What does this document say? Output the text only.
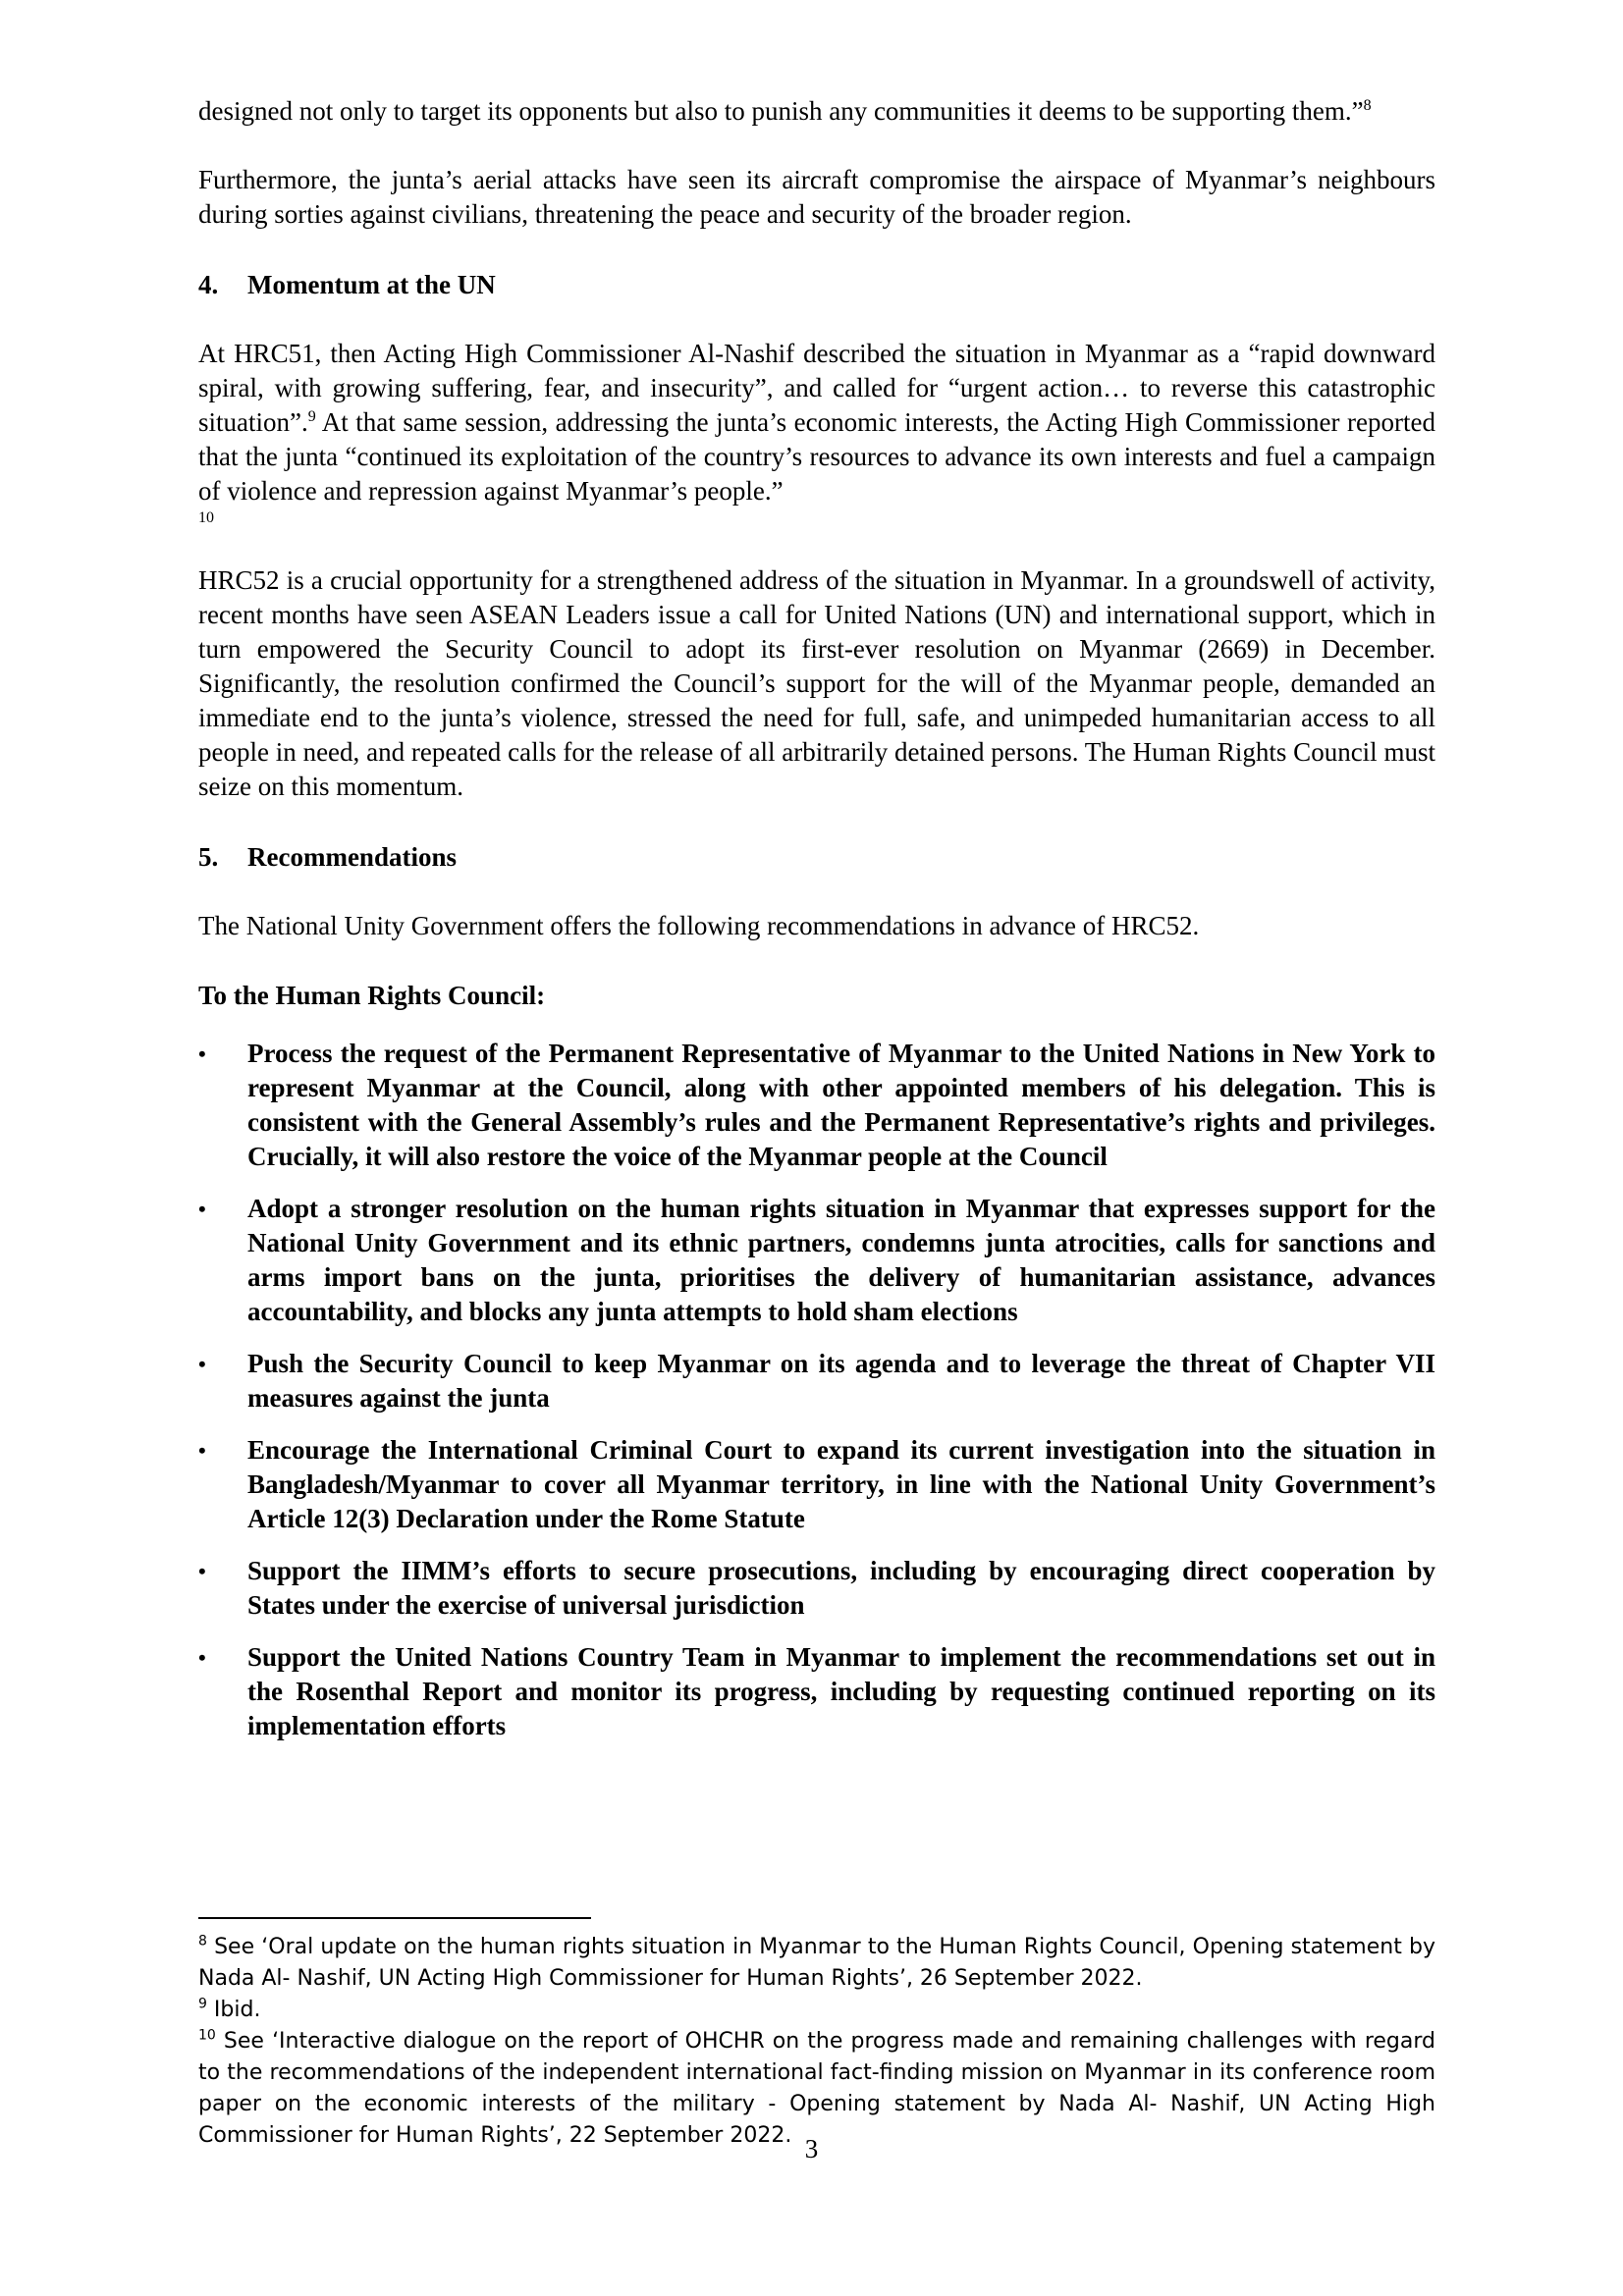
designed not only to target its opponents but also to punish any communities it deems to be supporting them.”$^8$

Furthermore, the junta’s aerial attacks have seen its aircraft compromise the airspace of Myanmar’s neighbours during sorties against civilians, threatening the peace and security of the broader region.

4.	Momentum at the UN

At HRC51, then Acting High Commissioner Al-Nashif described the situation in Myanmar as a “rapid downward spiral, with growing suffering, fear, and insecurity”, and called for “urgent action… to reverse this catastrophic situation”.$^9$ At that same session, addressing the junta’s economic interests, the Acting High Commissioner reported that the junta “continued its exploitation of the country’s resources to advance its own interests and fuel a campaign of violence and repression against Myanmar’s people.”

10

HRC52 is a crucial opportunity for a strengthened address of the situation in Myanmar. In a groundswell of activity, recent months have seen ASEAN Leaders issue a call for United Nations (UN) and international support, which in turn empowered the Security Council to adopt its first-ever resolution on Myanmar (2669) in December. Significantly, the resolution confirmed the Council’s support for the will of the Myanmar people, demanded an immediate end to the junta’s violence, stressed the need for full, safe, and unimpeded humanitarian access to all people in need, and repeated calls for the release of all arbitrarily detained persons. The Human Rights Council must seize on this momentum.

5.	Recommendations

The National Unity Government offers the following recommendations in advance of HRC52.

To the Human Rights Council:
•	Process the request of the Permanent Representative of Myanmar to the United Nations in New York to represent Myanmar at the Council, along with other appointed members of his delegation. This is consistent with the General Assembly’s rules and the Permanent Representative’s rights and privileges. Crucially, it will also restore the voice of the Myanmar people at the Council
•	Adopt a stronger resolution on the human rights situation in Myanmar that expresses support for the National Unity Government and its ethnic partners, condemns junta atrocities, calls for sanctions and arms import bans on the junta, prioritises the delivery of humanitarian assistance, advances accountability, and blocks any junta attempts to hold sham elections
•	Push the Security Council to keep Myanmar on its agenda and to leverage the threat of Chapter VII measures against the junta
•	Encourage the International Criminal Court to expand its current investigation into the situation in Bangladesh/Myanmar to cover all Myanmar territory, in line with the National Unity Government’s Article 12(3) Declaration under the Rome Statute
•	Support the IIMM’s efforts to secure prosecutions, including by encouraging direct cooperation by States under the exercise of universal jurisdiction
•	Support the United Nations Country Team in Myanmar to implement the recommendations set out in the Rosenthal Report and monitor its progress, including by requesting continued reporting on its implementation efforts

$^8$ See ‘Oral update on the human rights situation in Myanmar to the Human Rights Council, Opening statement by Nada Al- Nashif, UN Acting High Commissioner for Human Rights’, 26 September 2022.

$^9$ Ibid.

$^{10}$ See ‘Interactive dialogue on the report of OHCHR on the progress made and remaining challenges with regard to the recommendations of the independent international fact-finding mission on Myanmar in its conference room paper on the economic interests of the military - Opening statement by Nada Al- Nashif, UN Acting High Commissioner for Human Rights’, 22 September 2022. 3
